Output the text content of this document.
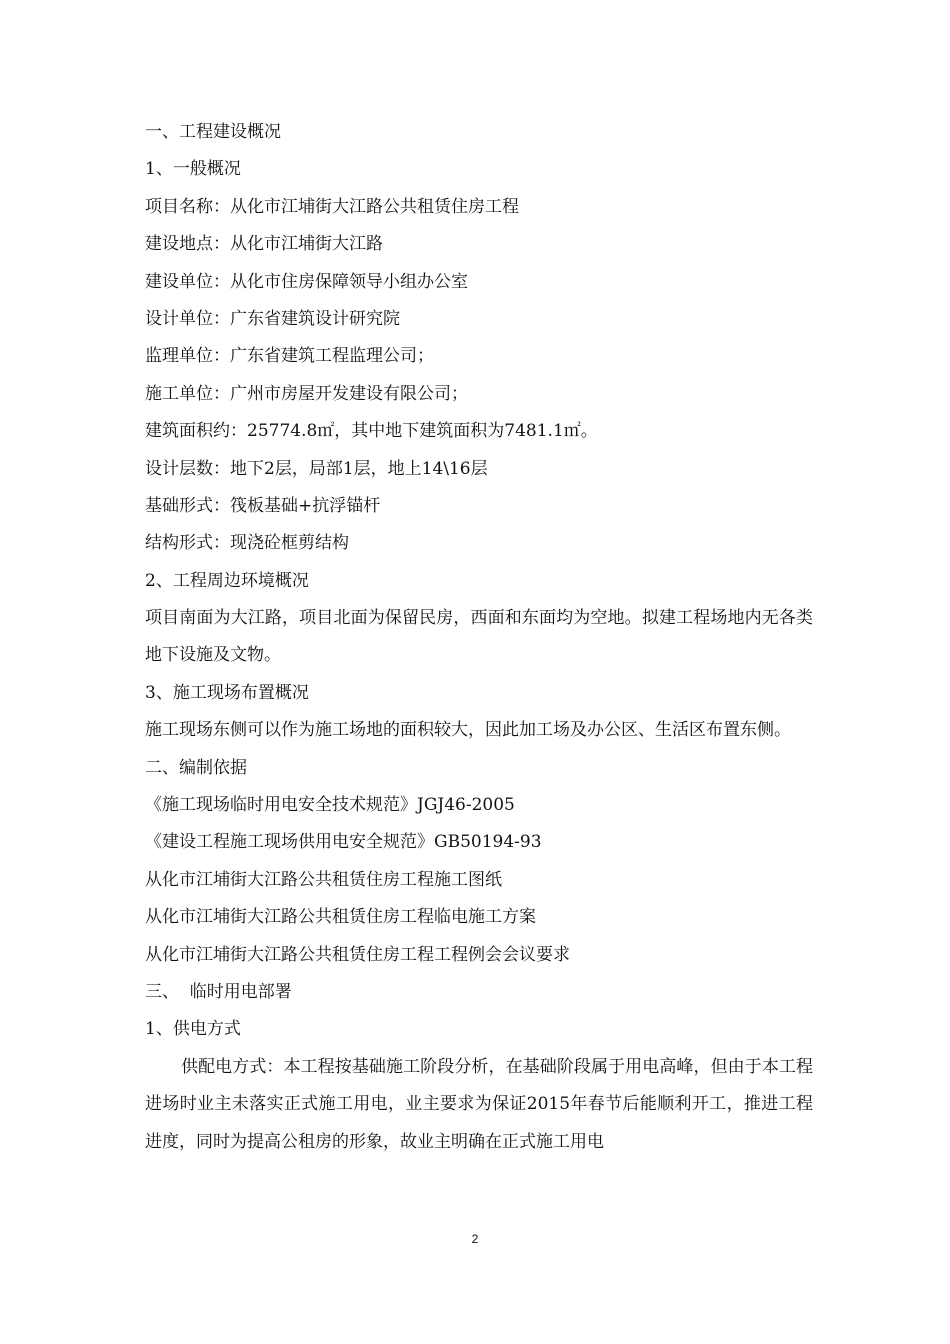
一、工程建设概况
1、一般概况
项目名称：从化市江埔街大江路公共租赁住房工程
建设地点：从化市江埔街大江路
建设单位：从化市住房保障领导小组办公室
设计单位：广东省建筑设计研究院
监理单位：广东省建筑工程监理公司；
施工单位：广州市房屋开发建设有限公司；
建筑面积约：25774.8㎡，其中地下建筑面积为7481.1㎡。
设计层数：地下2层，局部1层，地上14\16层
基础形式：筏板基础+抗浮锚杆
结构形式：现浇砼框剪结构
2、工程周边环境概况
项目南面为大江路，项目北面为保留民房，西面和东面均为空地。拟建工程场地内无各类地下设施及文物。
3、施工现场布置概况
施工现场东侧可以作为施工场地的面积较大，因此加工场及办公区、生活区布置东侧。
二、编制依据
《施工现场临时用电安全技术规范》JGJ46-2005
《建设工程施工现场供用电安全规范》GB50194-93
从化市江埔街大江路公共租赁住房工程施工图纸
从化市江埔街大江路公共租赁住房工程临电施工方案
从化市江埔街大江路公共租赁住房工程工程例会会议要求
三、  临时用电部署
1、供电方式
供配电方式：本工程按基础施工阶段分析，在基础阶段属于用电高峰，但由于本工程进场时业主未落实正式施工用电，业主要求为保证2015年春节后能顺利开工，推进工程进度，同时为提高公租房的形象，故业主明确在正式施工用电
2
